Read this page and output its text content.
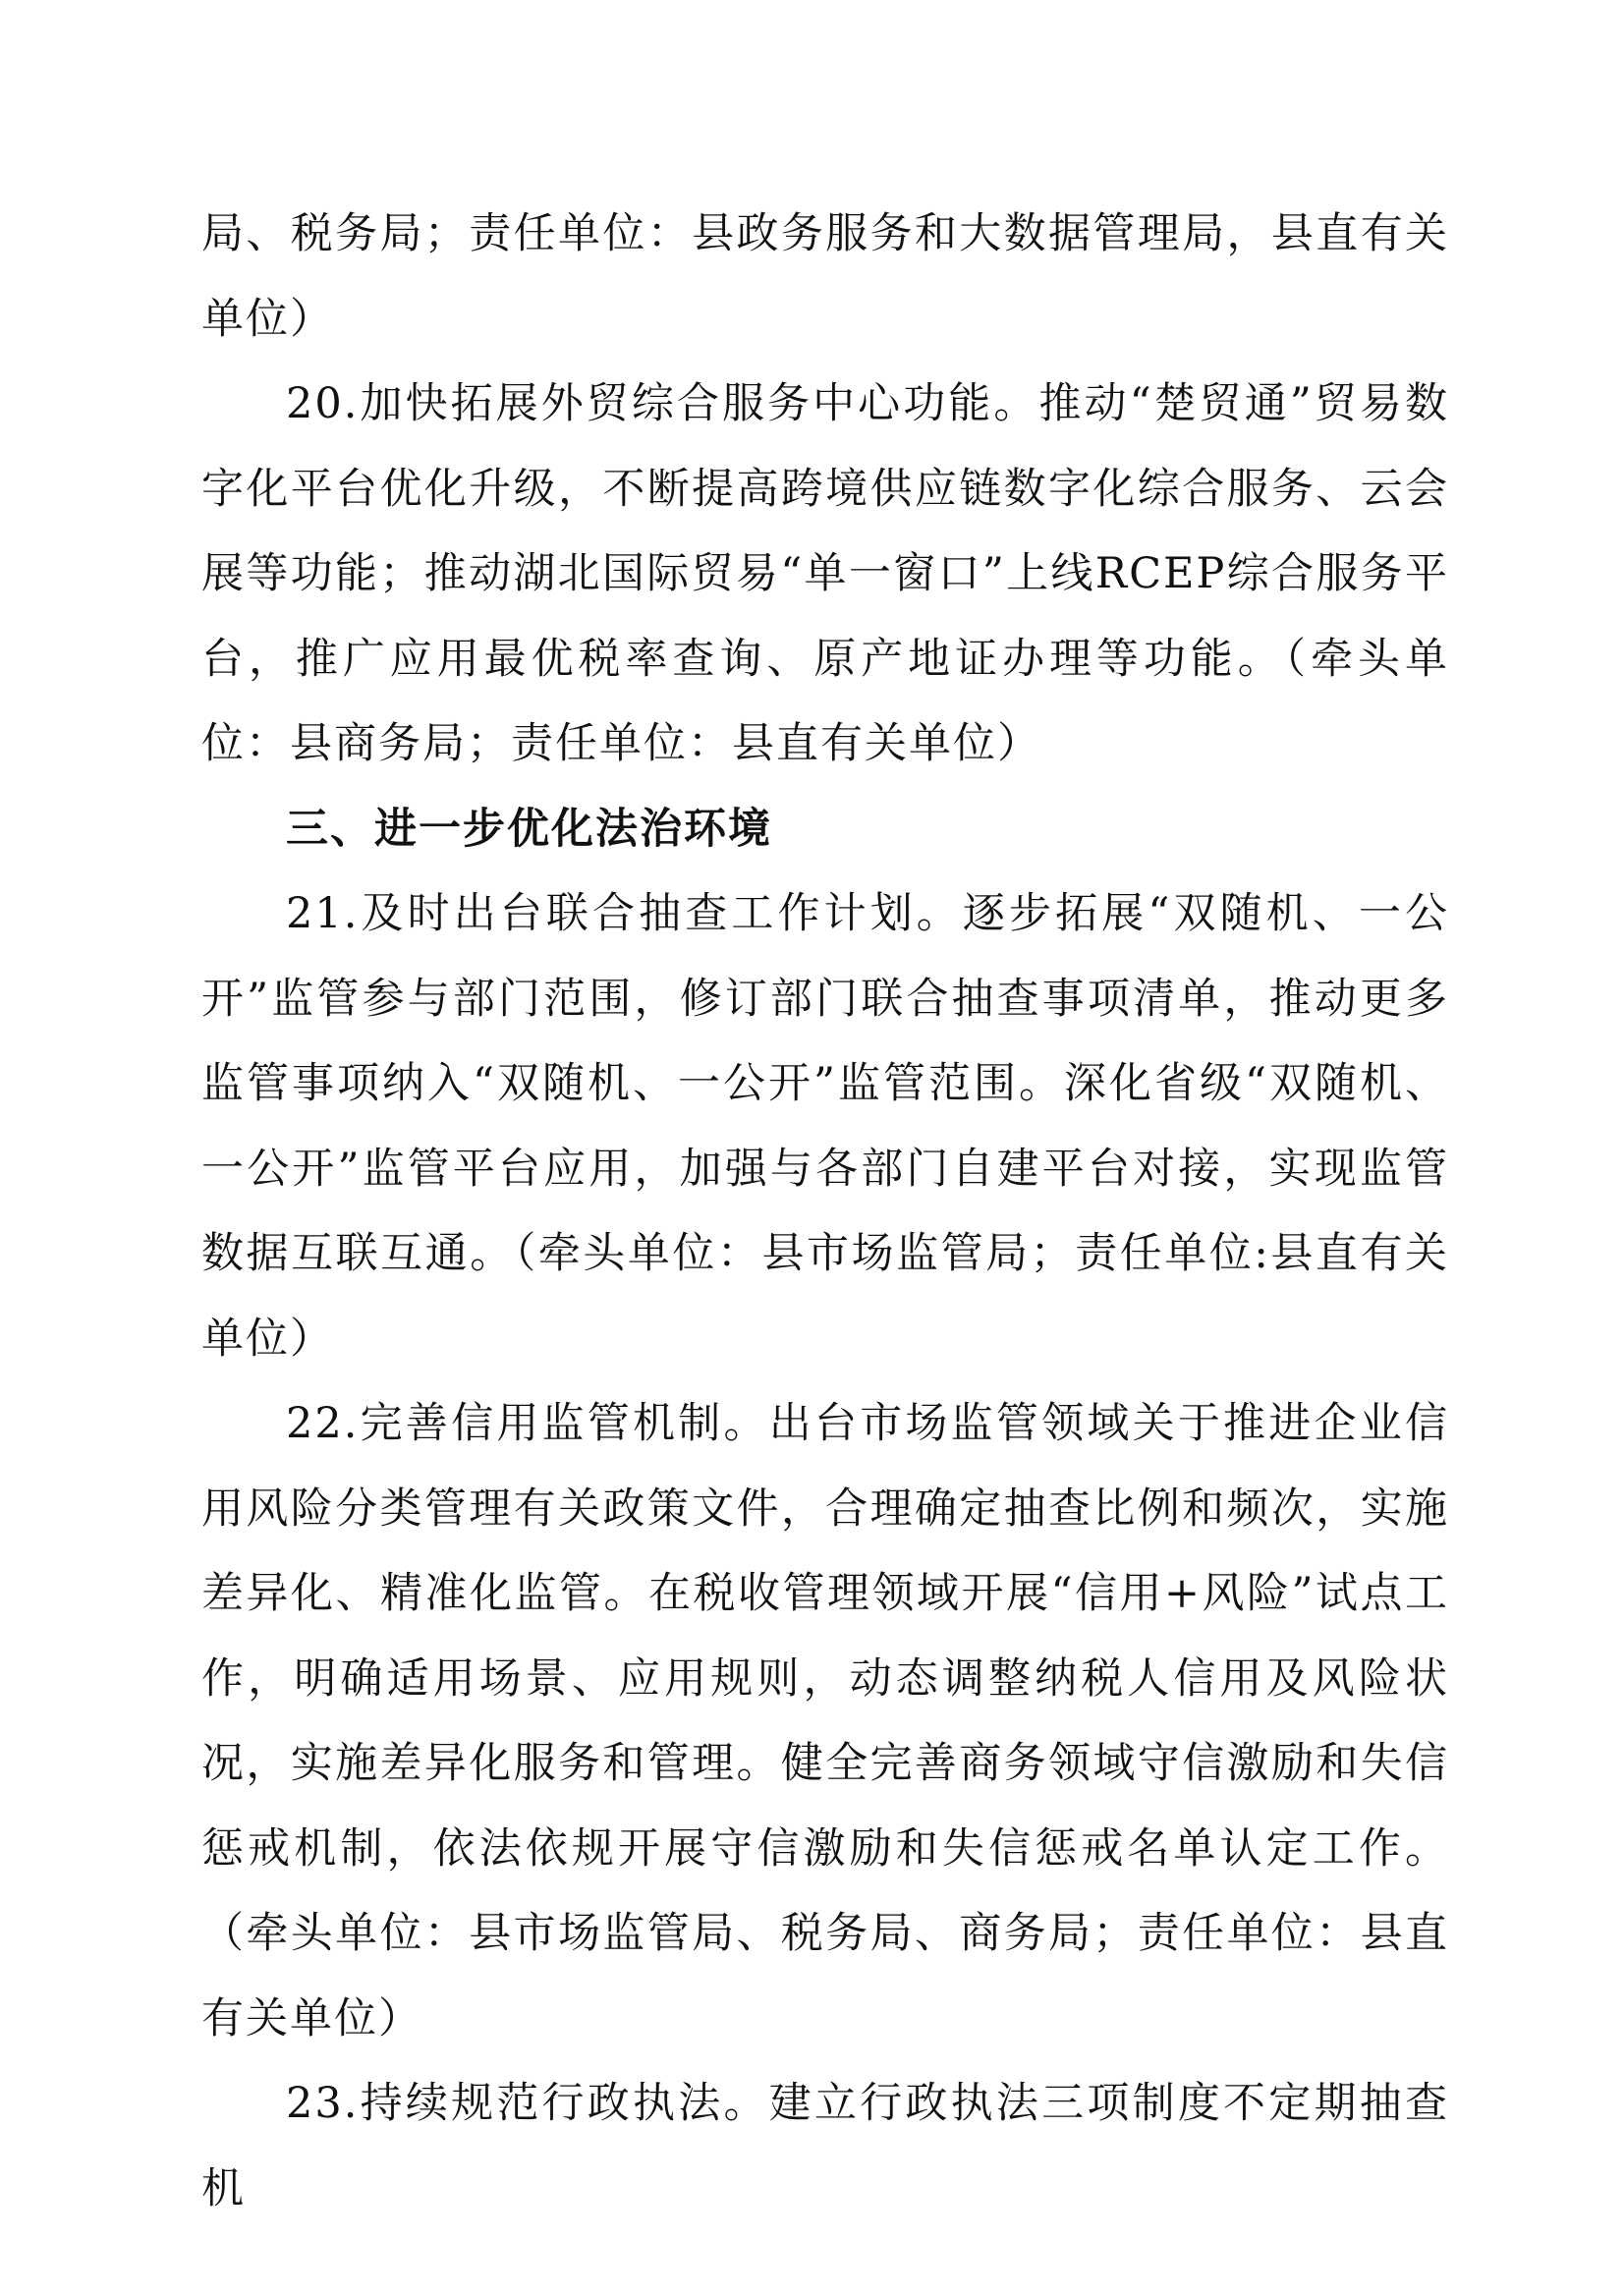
局、税务局；责任单位：县政务服务和大数据管理局，县直有关单位）

20.加快拓展外贸综合服务中心功能。推动“楚贸通”贸易数字化平台优化升级，不断提高跨境供应链数字化综合服务、云会展等功能；推动湖北国际贸易“单一窗口”上线RCEP综合服务平台，推广应用最优税率查询、原产地证办理等功能。（牵头单位：县商务局；责任单位：县直有关单位）

三、进一步优化法治环境

21.及时出台联合抽查工作计划。逐步拓展“双随机、一公开”监管参与部门范围，修订部门联合抽查事项清单，推动更多监管事项纳入“双随机、一公开”监管范围。深化省级“双随机、一公开”监管平台应用，加强与各部门自建平台对接，实现监管数据互联互通。（牵头单位：县市场监管局；责任单位:县直有关单位）

22.完善信用监管机制。出台市场监管领域关于推进企业信用风险分类管理有关政策文件，合理确定抽查比例和频次，实施差异化、精准化监管。在税收管理领域开展“信用+风险”试点工作，明确适用场景、应用规则，动态调整纳税人信用及风险状况，实施差异化服务和管理。健全完善商务领域守信激励和失信惩戒机制，依法依规开展守信激励和失信惩戒名单认定工作。（牵头单位：县市场监管局、税务局、商务局；责任单位：县直有关单位）

23.持续规范行政执法。建立行政执法三项制度不定期抽查机
